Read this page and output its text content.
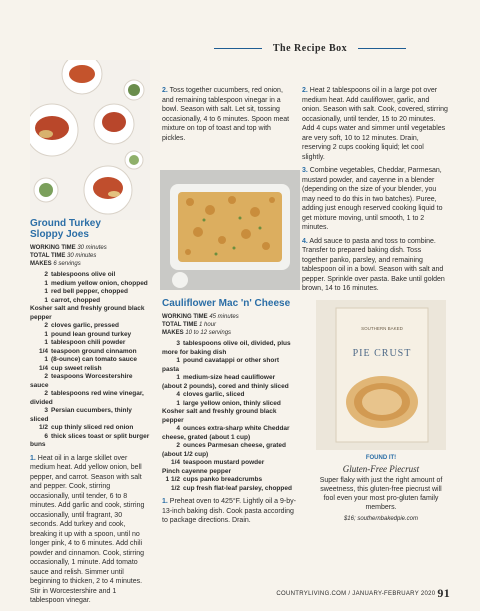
The Recipe Box
Ground Turkey
Sloppy Joes
WORKING TIME 30 minutes
TOTAL TIME 30 minutes
MAKES 6 servings
2 tablespoons olive oil
1 medium yellow onion, chopped
1 red bell pepper, chopped
1 carrot, chopped
Kosher salt and freshly ground black pepper
2 cloves garlic, pressed
1 pound lean ground turkey
1 tablespoon chili powder
1/4 teaspoon ground cinnamon
1 (8-ounce) can tomato sauce
1/4 cup sweet relish
2 teaspoons Worcestershire sauce
2 tablespoons red wine vinegar, divided
3 Persian cucumbers, thinly sliced
1/2 cup thinly sliced red onion
6 thick slices toast or split burger buns
1. Heat oil in a large skillet over medium heat. Add yellow onion, bell pepper, and carrot. Season with salt and pepper. Cook, stirring occasionally, until tender, 6 to 8 minutes. Add garlic and cook, stirring occasionally, until fragrant, 30 seconds. Add turkey and cook, breaking it up with a spoon, until no longer pink, 4 to 6 minutes. Add chili powder and cinnamon. Cook, stirring occasionally, 1 minute. Add tomato sauce and relish. Simmer until beginning to thicken, 2 to 4 minutes. Stir in Worcestershire and 1 tablespoon vinegar.
2. Toss together cucumbers, red onion, and remaining tablespoon vinegar in a bowl. Season with salt. Let sit, tossing occasionally, 4 to 6 minutes. Spoon meat mixture on top of toast and top with pickles.
Cauliflower Mac 'n' Cheese
WORKING TIME 45 minutes
TOTAL TIME 1 hour
MAKES 10 to 12 servings
3 tablespoons olive oil, divided, plus more for baking dish
1 pound cavatappi or other short pasta
1 medium-size head cauliflower (about 2 pounds), cored and thinly sliced
4 cloves garlic, sliced
1 large yellow onion, thinly sliced
Kosher salt and freshly ground black pepper
4 ounces extra-sharp white Cheddar cheese, grated (about 1 cup)
2 ounces Parmesan cheese, grated (about 1/2 cup)
1/4 teaspoon mustard powder
Pinch cayenne pepper
1 1/2 cups panko breadcrumbs
1/2 cup fresh flat-leaf parsley, chopped
1. Preheat oven to 425°F. Lightly oil a 9-by-13-inch baking dish. Cook pasta according to package directions. Drain.
2. Heat 2 tablespoons oil in a large pot over medium heat. Add cauliflower, garlic, and onion. Season with salt. Cook, covered, stirring occasionally, until tender, 15 to 20 minutes. Add 4 cups water and simmer until vegetables are very soft, 10 to 12 minutes. Drain, reserving 2 cups cooking liquid; let cool slightly.
3. Combine vegetables, Cheddar, Parmesan, mustard powder, and cayenne in a blender (depending on the size of your blender, you may need to do this in two batches). Puree, adding just enough reserved cooking liquid to get mixture moving, until smooth, 1 to 2 minutes.
4. Add sauce to pasta and toss to combine. Transfer to prepared baking dish. Toss together panko, parsley, and remaining tablespoon oil in a bowl. Season with salt and pepper. Sprinkle over pasta. Bake until golden brown, 14 to 16 minutes.
SOUTHERN BAKED
PIE CRUST
FOUND IT!
Gluten-Free Piecrust
Super flaky with just the right amount of sweetness, this gluten-free piecrust will fool even your most pro-gluten family members.
$16; southernbakedpie.com
COUNTRYLIVING.COM / JANUARY-FEBRUARY 2020 91
